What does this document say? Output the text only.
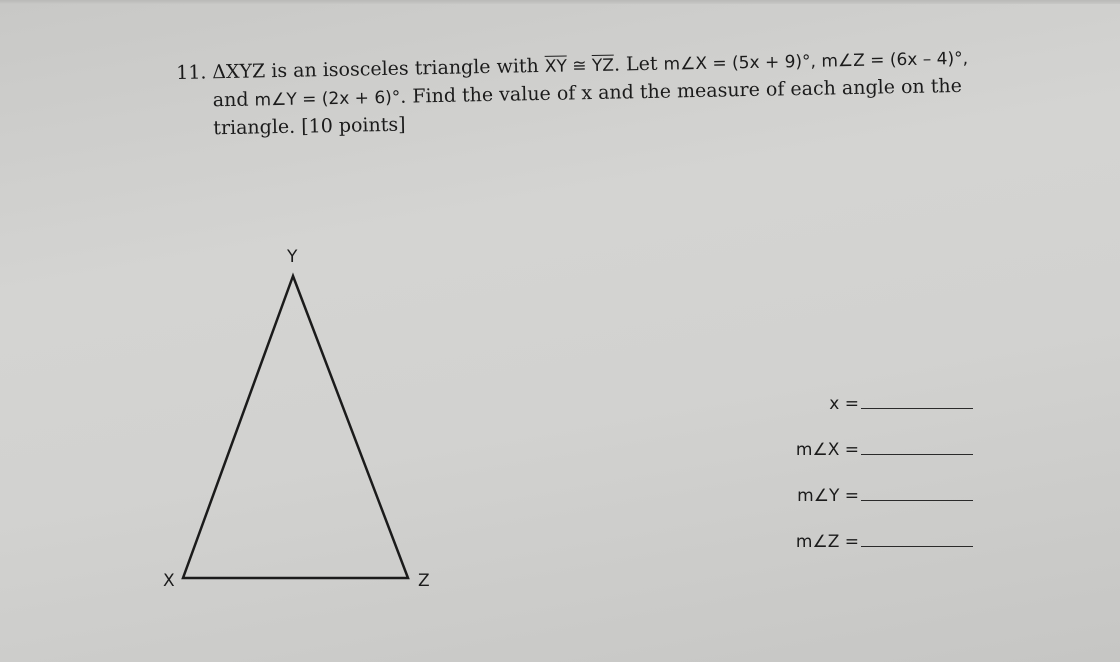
11. ΔXYZ is an isosceles triangle with $\overline{XY}$ ≅ $\overline{YZ}$. Let m∠X = (5x + 9)°, m∠Z = (6x – 4)°,
and m∠Y = (2x + 6)°. Find the value of x and the measure of each angle on the
triangle. [10 points]
Y
X	Z
x =
m∠X =
m∠Y =
m∠Z =
